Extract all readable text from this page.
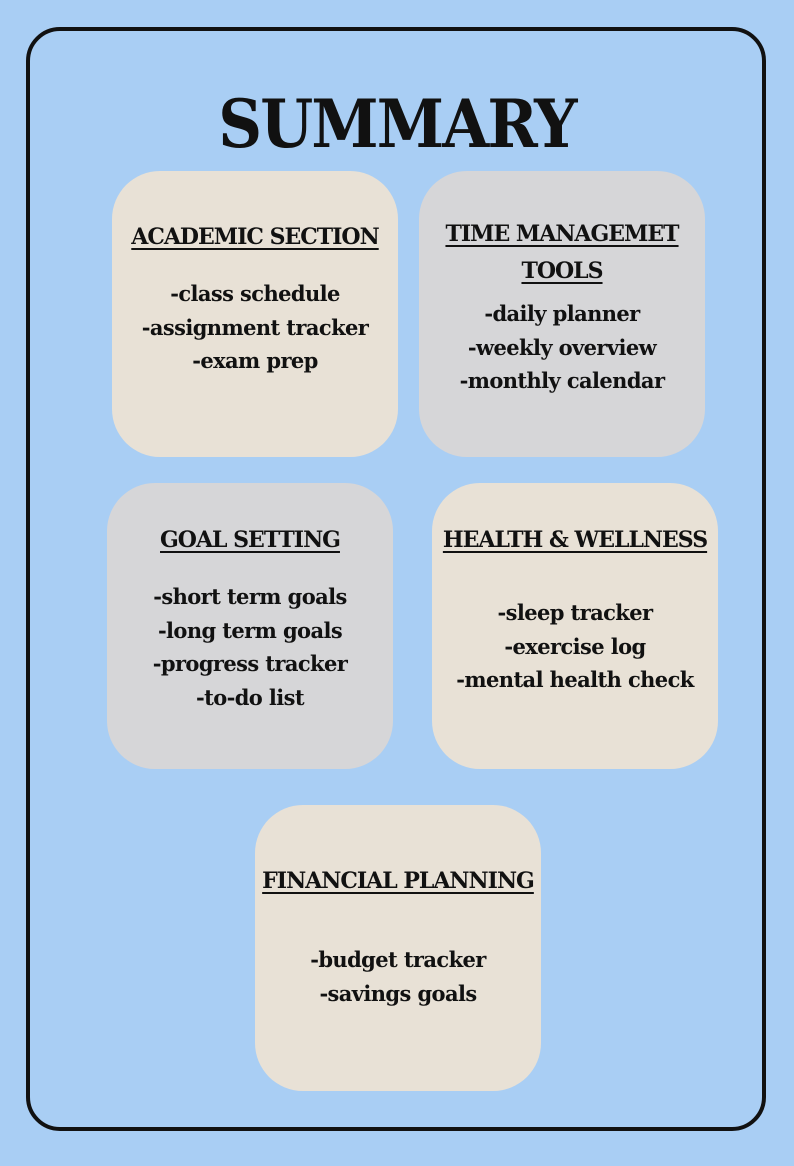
SUMMARY
ACADEMIC SECTION
-class schedule
-assignment tracker
-exam prep
TIME MANAGEMET
TOOLS
-daily planner
-weekly overview
-monthly calendar
GOAL SETTING
-short term goals
-long term goals
-progress tracker
-to-do list
HEALTH & WELLNESS
-sleep tracker
-exercise log
-mental health check
FINANCIAL PLANNING
-budget tracker
-savings goals
